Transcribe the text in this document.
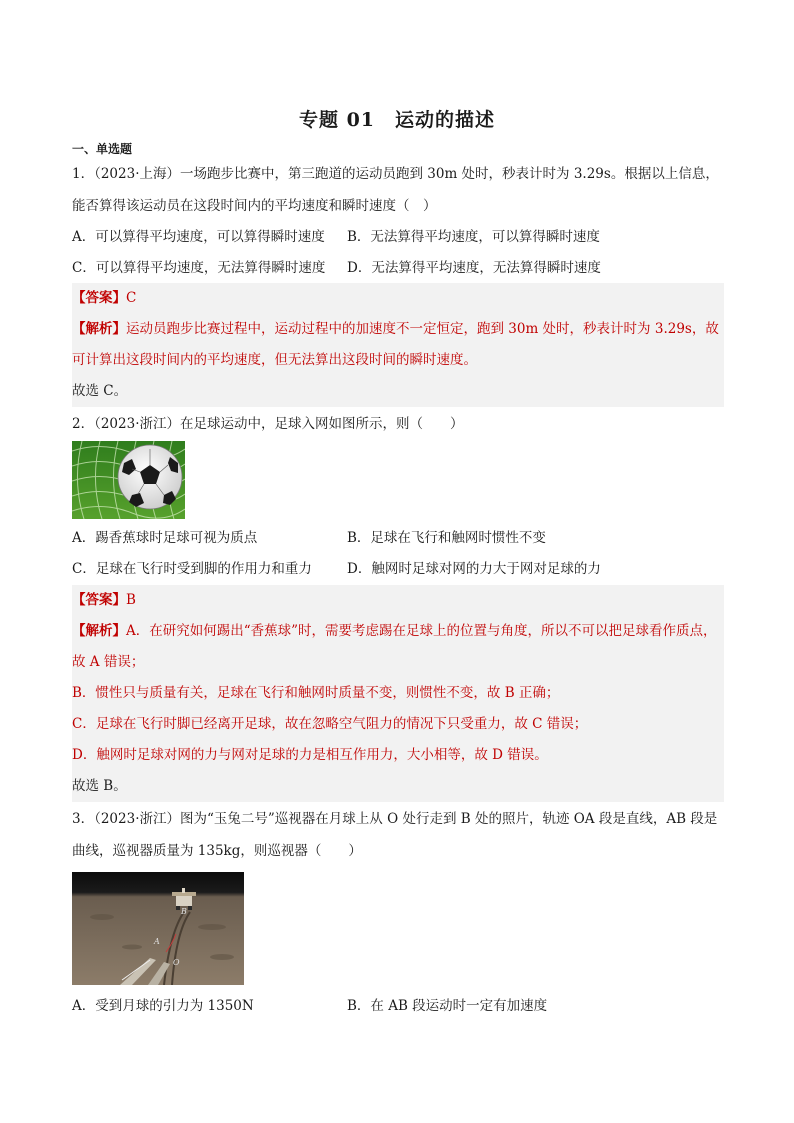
专题 01　运动的描述
一、单选题
1．（2023·上海）一场跑步比赛中，第三跑道的运动员跑到 30m 处时，秒表计时为 3.29s。根据以上信息，能否算得该运动员在这段时间内的平均速度和瞬时速度（　）
A．可以算得平均速度，可以算得瞬时速度	B．无法算得平均速度，可以算得瞬时速度
C．可以算得平均速度，无法算得瞬时速度	D．无法算得平均速度，无法算得瞬时速度
【答案】C
【解析】运动员跑步比赛过程中，运动过程中的加速度不一定恒定，跑到 30m 处时，秒表计时为 3.29s，故可计算出这段时间内的平均速度，但无法算出这段时间的瞬时速度。
故选 C。
2．（2023·浙江）在足球运动中，足球入网如图所示，则（　　）
A．踢香蕉球时足球可视为质点	B．足球在飞行和触网时惯性不变
C．足球在飞行时受到脚的作用力和重力	D．触网时足球对网的力大于网对足球的力
【答案】B
【解析】A．在研究如何踢出“香蕉球”时，需要考虑踢在足球上的位置与角度，所以不可以把足球看作质点，故 A 错误；
B．惯性只与质量有关，足球在飞行和触网时质量不变，则惯性不变，故 B 正确；
C．足球在飞行时脚已经离开足球，故在忽略空气阻力的情况下只受重力，故 C 错误；
D．触网时足球对网的力与网对足球的力是相互作用力，大小相等，故 D 错误。
故选 B。
3．（2023·浙江）图为“玉兔二号”巡视器在月球上从 O 处行走到 B 处的照片，轨迹 OA 段是直线，AB 段是曲线，巡视器质量为 135kg，则巡视器（　　）
B
A
O
A．受到月球的引力为 1350N	B．在 AB 段运动时一定有加速度
